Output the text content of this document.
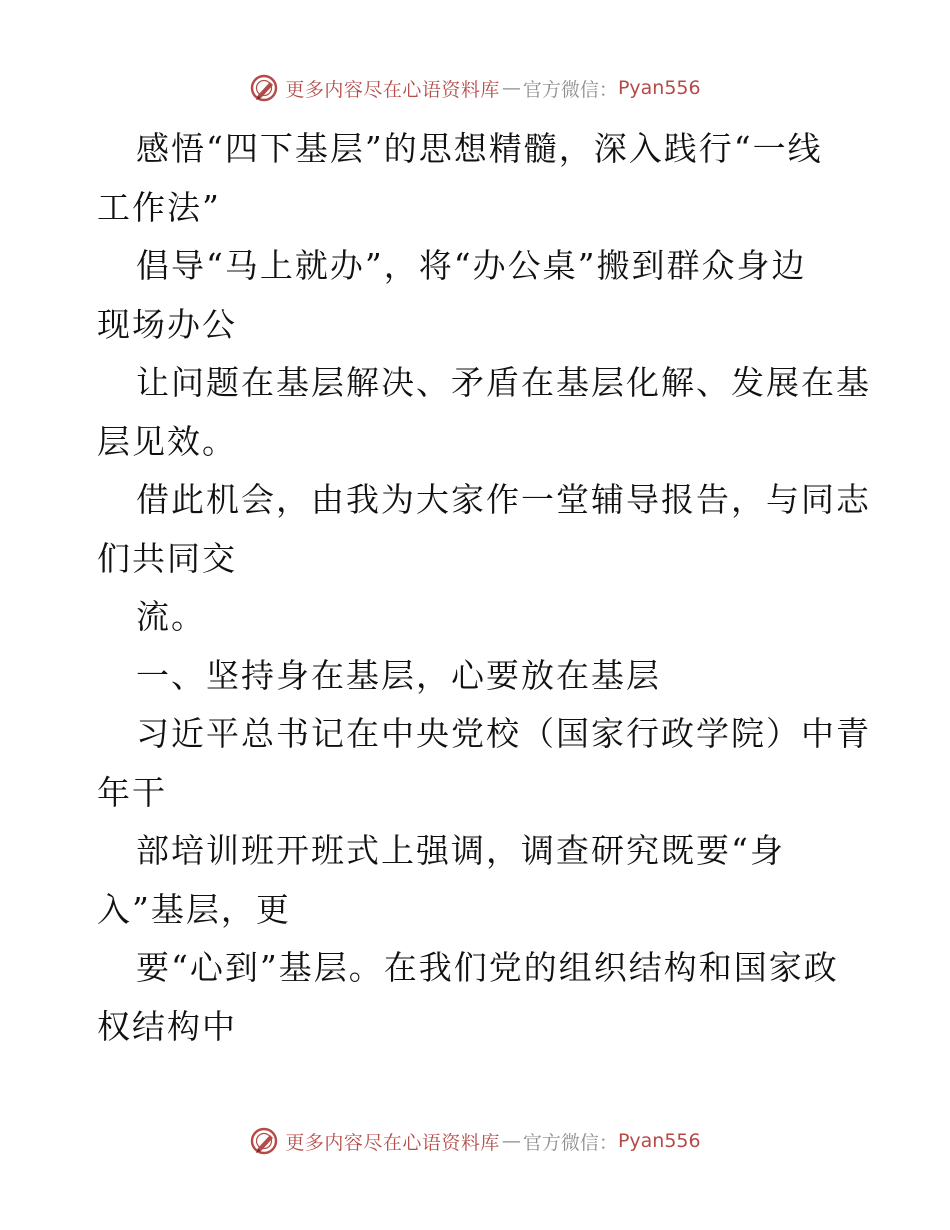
更多内容尽在心语资料库 — 官方微信： Pyan556
感悟“四下基层”的思想精髓，深入践行“一线
工作法”
倡导“马上就办”，将“办公桌”搬到群众身边
现场办公
让问题在基层解决、矛盾在基层化解、发展在基
层见效。
借此机会，由我为大家作一堂辅导报告，与同志
们共同交
流。
一、坚持身在基层，心要放在基层
习近平总书记在中央党校（国家行政学院）中青
年干
部培训班开班式上强调，调查研究既要“身
入”基层，更
要“心到”基层。在我们党的组织结构和国家政
权结构中
更多内容尽在心语资料库 — 官方微信： Pyan556
